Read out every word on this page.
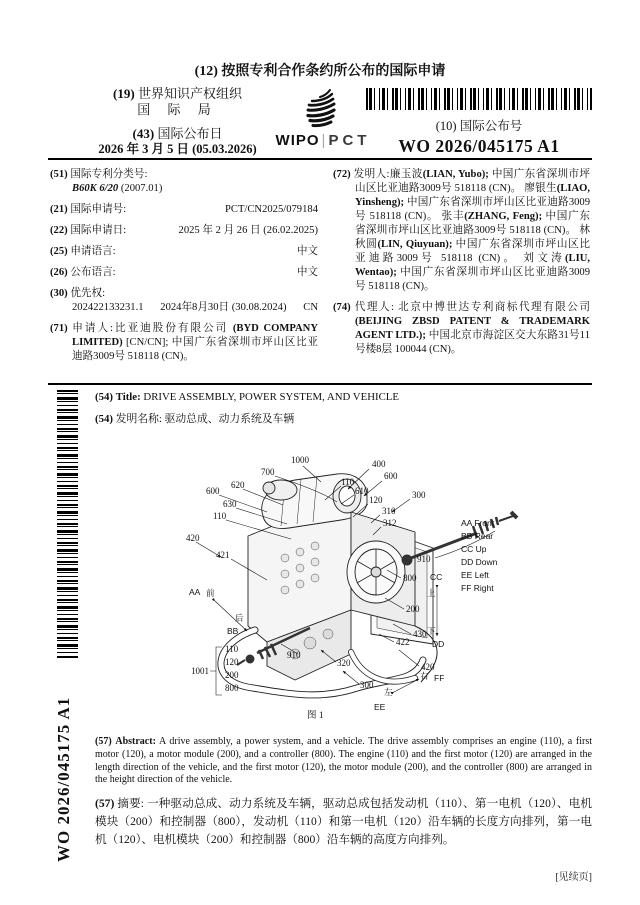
(12) 按照专利合作条约所公布的国际申请
(19) 世界知识产权组织
国 际 局
(43) 国际公布日
2026 年 3 月 5 日 (05.03.2026)	WIPO | PCT
(10) 国际公布号
WO 2026/045175 A1
(51) 国际专利分类号:
B60K 6/20 (2007.01)
(21) 国际申请号:	PCT/CN2025/079184
(22) 国际申请日:	2025 年 2 月 26 日 (26.02.2025)
(25) 申请语言:	中文
(26) 公布语言:	中文
(30) 优先权:
202422133231.1 2024年8月30日 (30.08.2024) CN
(71) 申请人:比亚迪股份有限公司 (BYD COMPANY LIMITED) [CN/CN]; 中国广东省深圳市坪山区比亚迪路3009号 518118 (CN)。
(72) 发明人:廉玉波(LIAN, Yubo); 中国广东省深圳市坪山区比亚迪路3009号 518118 (CN)。 廖银生(LIAO, Yinsheng); 中国广东省深圳市坪山区比亚迪路3009号 518118 (CN)。 张丰(ZHANG, Feng); 中国广东省深圳市坪山区比亚迪路3009号 518118 (CN)。 林秋圆(LIN, Qiuyuan); 中国广东省深圳市坪山区比亚迪路3009号 518118 (CN)。 刘文涛(LIU, Wentao); 中国广东省深圳市坪山区比亚迪路3009号 518118 (CN)。
(74) 代理人: 北京中博世达专利商标代理有限公司(BEIJING ZBSD PATENT & TRADEMARK AGENT LTD.); 中国北京市海淀区交大东路31号11号楼8层 100044 (CN)。
WO 2026/045175 A1
(54) Title: DRIVE ASSEMBLY, POWER SYSTEM, AND VEHICLE
(54) 发明名称: 驱动总成、动力系统及车辆
1000
700
400
110
600
610
620
600
630
110
120	300
310
312
420
421	910
800
200
430
422
420
910
320
300
1001
110
120
200
800
AA
BB
CC
DD
EE
FF
前
后
上
下
左
右
AA Front
BB Rear
CC Up
DD Down
EE Left
FF Right
图 1
(57) Abstract: A drive assembly, a power system, and a vehicle. The drive assembly comprises an engine (110), a first motor (120), a motor module (200), and a controller (800). The engine (110) and the first motor (120) are arranged in the length direction of the vehicle, and the first motor (120), the motor module (200), and the controller (800) are arranged in the height direction of the vehicle.
(57) 摘要: 一种驱动总成、动力系统及车辆，驱动总成包括发动机（110）、第一电机（120）、电机模块（200）和控制器（800），发动机（110）和第一电机（120）沿车辆的长度方向排列，第一电机（120）、电机模块（200）和控制器（800）沿车辆的高度方向排列。
[见续页]
